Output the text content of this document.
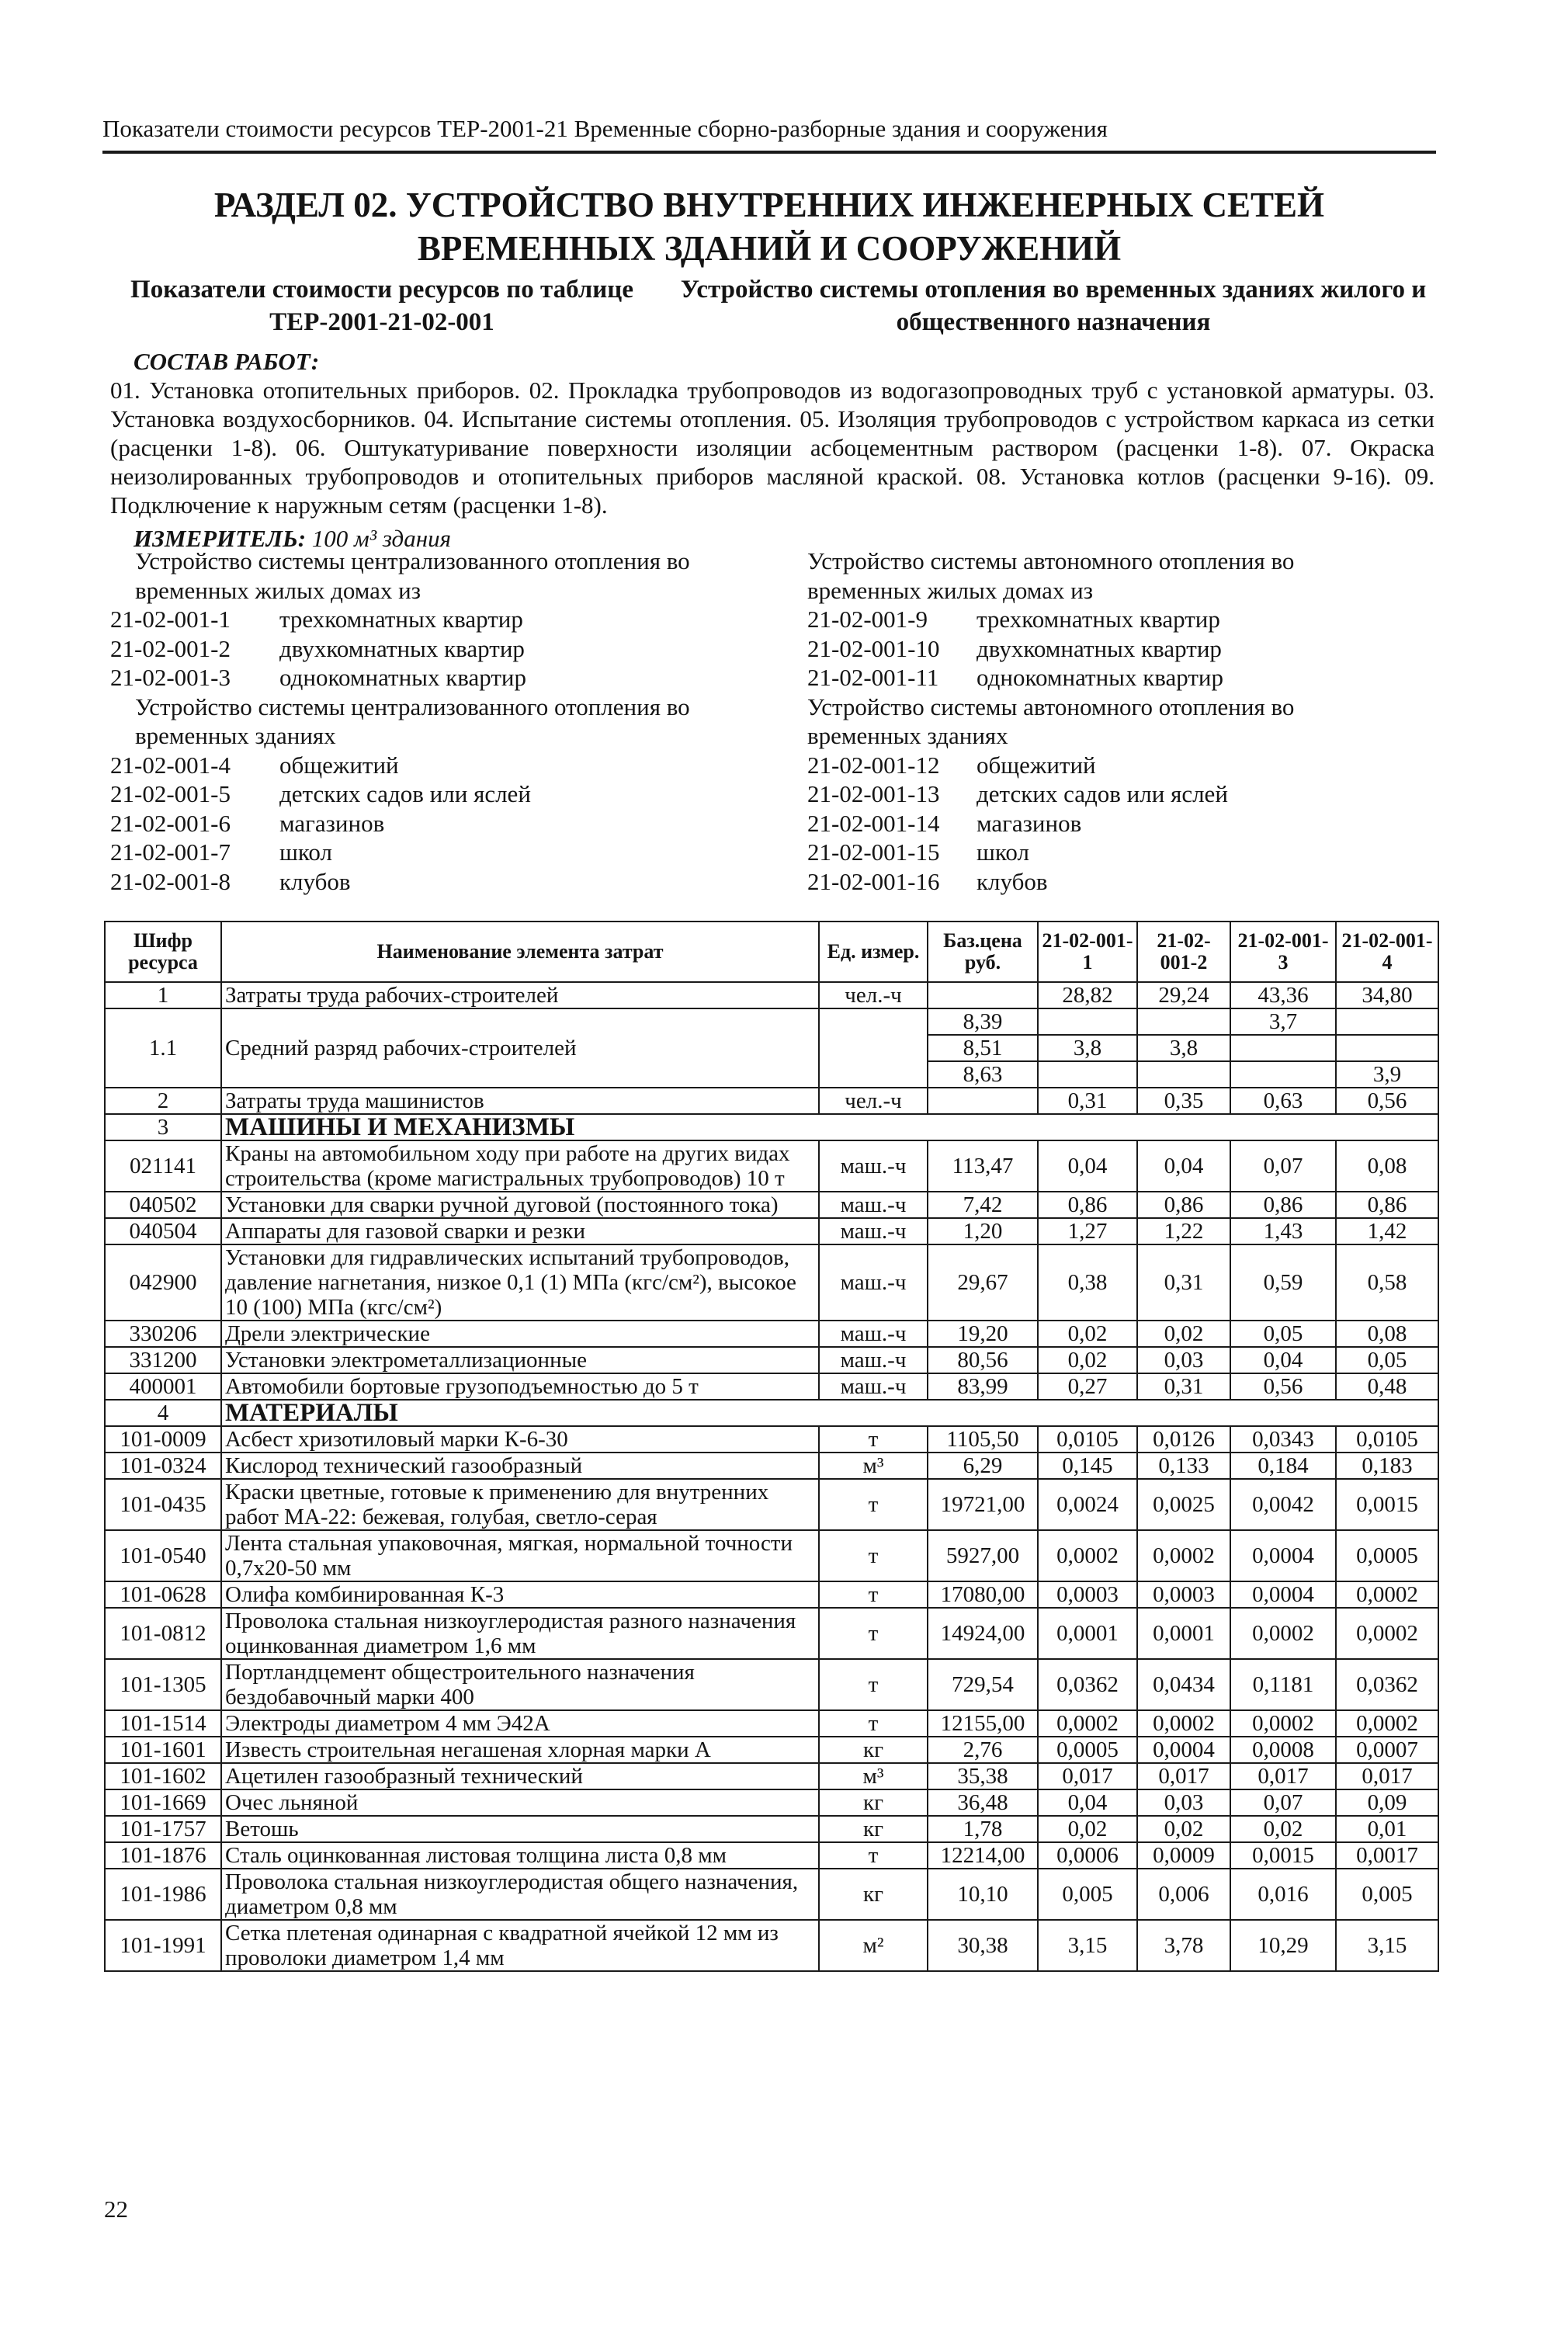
Показатели стоимости ресурсов ТЕР-2001-21 Временные сборно-разборные здания и сооружения
РАЗДЕЛ 02. УСТРОЙСТВО ВНУТРЕННИХ ИНЖЕНЕРНЫХ СЕТЕЙ
ВРЕМЕННЫХ ЗДАНИЙ И СООРУЖЕНИЙ
Показатели стоимости ресурсов по таблице ТЕР-2001-21-02-001
Устройство системы отопления во временных зданиях жилого и общественного назначения
СОСТАВ РАБОТ:
01. Установка отопительных приборов. 02. Прокладка трубопроводов из водогазопроводных труб с установкой арматуры. 03. Установка воздухосборников. 04. Испытание системы отопления. 05. Изоляция трубопроводов с устройством каркаса из сетки (расценки 1-8). 06. Оштукатуривание поверхности изоляции асбоцементным раствором (расценки 1-8). 07. Окраска неизолированных трубопроводов и отопительных приборов масляной краской. 08. Установка котлов (расценки 9-16). 09. Подключение к наружным сетям (расценки 1-8).
ИЗМЕРИТЕЛЬ: 100 м³ здания
Устройство системы централизованного отопления во временных жилых домах из
21-02-001-1	трехкомнатных квартир
21-02-001-2	двухкомнатных квартир
21-02-001-3	однокомнатных квартир
Устройство системы централизованного отопления во временных зданиях
21-02-001-4	общежитий
21-02-001-5	детских садов или яслей
21-02-001-6	магазинов
21-02-001-7	школ
21-02-001-8	клубов
Устройство системы автономного отопления во временных жилых домах из
21-02-001-9	трехкомнатных квартир
21-02-001-10	двухкомнатных квартир
21-02-001-11	однокомнатных квартир
Устройство системы автономного отопления во временных зданиях
21-02-001-12	общежитий
21-02-001-13	детских садов или яслей
21-02-001-14	магазинов
21-02-001-15	школ
21-02-001-16	клубов
Шифр ресурса	Наименование элемента затрат	Ед. измер.	Баз.цена руб.	21-02-001-1	21-02-001-2	21-02-001-3	21-02-001-4
1	Затраты труда рабочих-строителей	чел.-ч		28,82	29,24	43,36	34,80
1.1	Средний разряд рабочих-строителей		8,39			3,7	
			8,51	3,8	3,8		
			8,63				3,9
2	Затраты труда машинистов	чел.-ч		0,31	0,35	0,63	0,56
3	МАШИНЫ И МЕХАНИЗМЫ						
021141	Краны на автомобильном ходу при работе на других видах строительства (кроме магистральных трубопроводов) 10 т	маш.-ч	113,47	0,04	0,04	0,07	0,08
040502	Установки для сварки ручной дуговой (постоянного тока)	маш.-ч	7,42	0,86	0,86	0,86	0,86
040504	Аппараты для газовой сварки и резки	маш.-ч	1,20	1,27	1,22	1,43	1,42
042900	Установки для гидравлических испытаний трубопроводов, давление нагнетания, низкое 0,1 (1) МПа (кгс/см²), высокое 10 (100) МПа (кгс/см²)	маш.-ч	29,67	0,38	0,31	0,59	0,58
330206	Дрели электрические	маш.-ч	19,20	0,02	0,02	0,05	0,08
331200	Установки электрометаллизационные	маш.-ч	80,56	0,02	0,03	0,04	0,05
400001	Автомобили бортовые грузоподъемностью до 5 т	маш.-ч	83,99	0,27	0,31	0,56	0,48
4	МАТЕРИАЛЫ						
101-0009	Асбест хризотиловый марки К-6-30	т	1105,50	0,0105	0,0126	0,0343	0,0105
101-0324	Кислород технический газообразный	м³	6,29	0,145	0,133	0,184	0,183
101-0435	Краски цветные, готовые к применению для внутренних работ МА-22: бежевая, голубая, светло-серая	т	19721,00	0,0024	0,0025	0,0042	0,0015
101-0540	Лента стальная упаковочная, мягкая, нормальной точности 0,7х20-50 мм	т	5927,00	0,0002	0,0002	0,0004	0,0005
101-0628	Олифа комбинированная К-3	т	17080,00	0,0003	0,0003	0,0004	0,0002
101-0812	Проволока стальная низкоуглеродистая разного назначения оцинкованная диаметром 1,6 мм	т	14924,00	0,0001	0,0001	0,0002	0,0002
101-1305	Портландцемент общестроительного назначения бездобавочный марки 400	т	729,54	0,0362	0,0434	0,1181	0,0362
101-1514	Электроды диаметром 4 мм Э42А	т	12155,00	0,0002	0,0002	0,0002	0,0002
101-1601	Известь строительная негашеная хлорная марки А	кг	2,76	0,0005	0,0004	0,0008	0,0007
101-1602	Ацетилен газообразный технический	м³	35,38	0,017	0,017	0,017	0,017
101-1669	Очес льняной	кг	36,48	0,04	0,03	0,07	0,09
101-1757	Ветошь	кг	1,78	0,02	0,02	0,02	0,01
101-1876	Сталь оцинкованная листовая толщина листа 0,8 мм	т	12214,00	0,0006	0,0009	0,0015	0,0017
101-1986	Проволока стальная низкоуглеродистая общего назначения, диаметром 0,8 мм	кг	10,10	0,005	0,006	0,016	0,005
101-1991	Сетка плетеная одинарная с квадратной ячейкой 12 мм из проволоки диаметром 1,4 мм	м²	30,38	3,15	3,78	10,29	3,15
22
